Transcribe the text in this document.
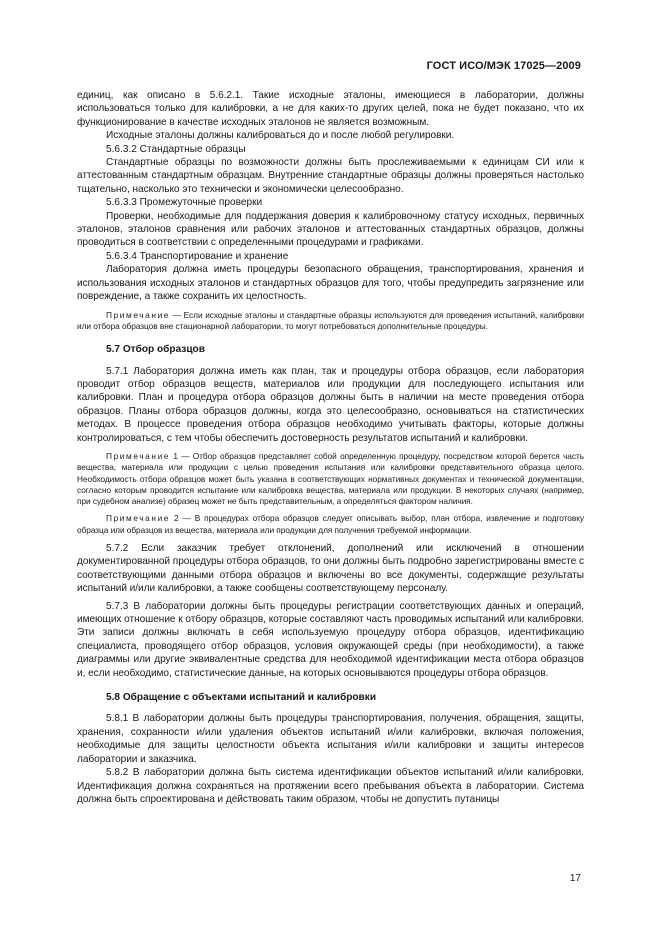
ГОСТ ИСО/МЭК 17025—2009

единиц, как описано в 5.6.2.1. Такие исходные эталоны, имеющиеся в лаборатории, должны использоваться только для калибровки, а не для каких-то других целей, пока не будет показано, что их функционирование в качестве исходных эталонов не является возможным.

Исходные эталоны должны калиброваться до и после любой регулировки.

5.6.3.2 Стандартные образцы

Стандартные образцы по возможности должны быть прослеживаемыми к единицам СИ или к аттестованным стандартным образцам. Внутренние стандартные образцы должны проверяться настолько тщательно, насколько это технически и экономически целесообразно.

5.6.3.3 Промежуточные проверки

Проверки, необходимые для поддержания доверия к калибровочному статусу исходных, первичных эталонов, эталонов сравнения или рабочих эталонов и аттестованных стандартных образцов, должны проводиться в соответствии с определенными процедурами и графиками.

5.6.3.4 Транспортирование и хранение

Лаборатория должна иметь процедуры безопасного обращения, транспортирования, хранения и использования исходных эталонов и стандартных образцов для того, чтобы предупредить загрязнение или повреждение, а также сохранить их целостность.

Примечание — Если исходные эталоны и стандартные образцы используются для проведения испытаний, калибровки или отбора образцов вне стационарной лаборатории, то могут потребоваться дополнительные процедуры.

5.7 Отбор образцов

5.7.1 Лаборатория должна иметь как план, так и процедуры отбора образцов, если лаборатория проводит отбор образцов веществ, материалов или продукции для последующего испытания или калибровки. План и процедура отбора образцов должны быть в наличии на месте проведения отбора образцов. Планы отбора образцов должны, когда это целесообразно, основываться на статистических методах. В процессе проведения отбора образцов необходимо учитывать факторы, которые должны контролироваться, с тем чтобы обеспечить достоверность результатов испытаний и калибровки.

Примечание 1 — Отбор образцов представляет собой определенную процедуру, посредством которой берется часть вещества, материала или продукции с целью проведения испытания или калибровки представительного образца целого. Необходимость отбора образцов может быть указана в соответствующих нормативных документах и технической документации, согласно которым проводится испытание или калибровка вещества, материала или продукции. В некоторых случаях (например, при судебном анализе) образец может не быть представительным, а определяться фактором наличия.

Примечание 2 — В процедурах отбора образцов следует описывать выбор, план отбора, извлечение и подготовку образца или образцов из вещества, материала или продукции для получения требуемой информации.

5.7.2 Если заказчик требует отклонений, дополнений или исключений в отношении документированной процедуры отбора образцов, то они должны быть подробно зарегистрированы вместе с соответствующими данными отбора образцов и включены во все документы, содержащие результаты испытаний и/или калибровки, а также сообщены соответствующему персоналу.

5.7.3 В лаборатории должны быть процедуры регистрации соответствующих данных и операций, имеющих отношение к отбору образцов, которые составляют часть проводимых испытаний или калибровки. Эти записи должны включать в себя используемую процедуру отбора образцов, идентификацию специалиста, проводящего отбор образцов, условия окружающей среды (при необходимости), а также диаграммы или другие эквивалентные средства для необходимой идентификации места отбора образцов и, если необходимо, статистические данные, на которых основываются процедуры отбора образцов.

5.8 Обращение с объектами испытаний и калибровки

5.8.1 В лаборатории должны быть процедуры транспортирования, получения, обращения, защиты, хранения, сохранности и/или удаления объектов испытаний и/или калибровки, включая положения, необходимые для защиты целостности объекта испытания и/или калибровки и защиты интересов лаборатории и заказчика.

5.8.2 В лаборатории должна быть система идентификации объектов испытаний и/или калибровки. Идентификация должна сохраняться на протяжении всего пребывания объекта в лаборатории. Система должна быть спроектирована и действовать таким образом, чтобы не допустить путаницы

17
